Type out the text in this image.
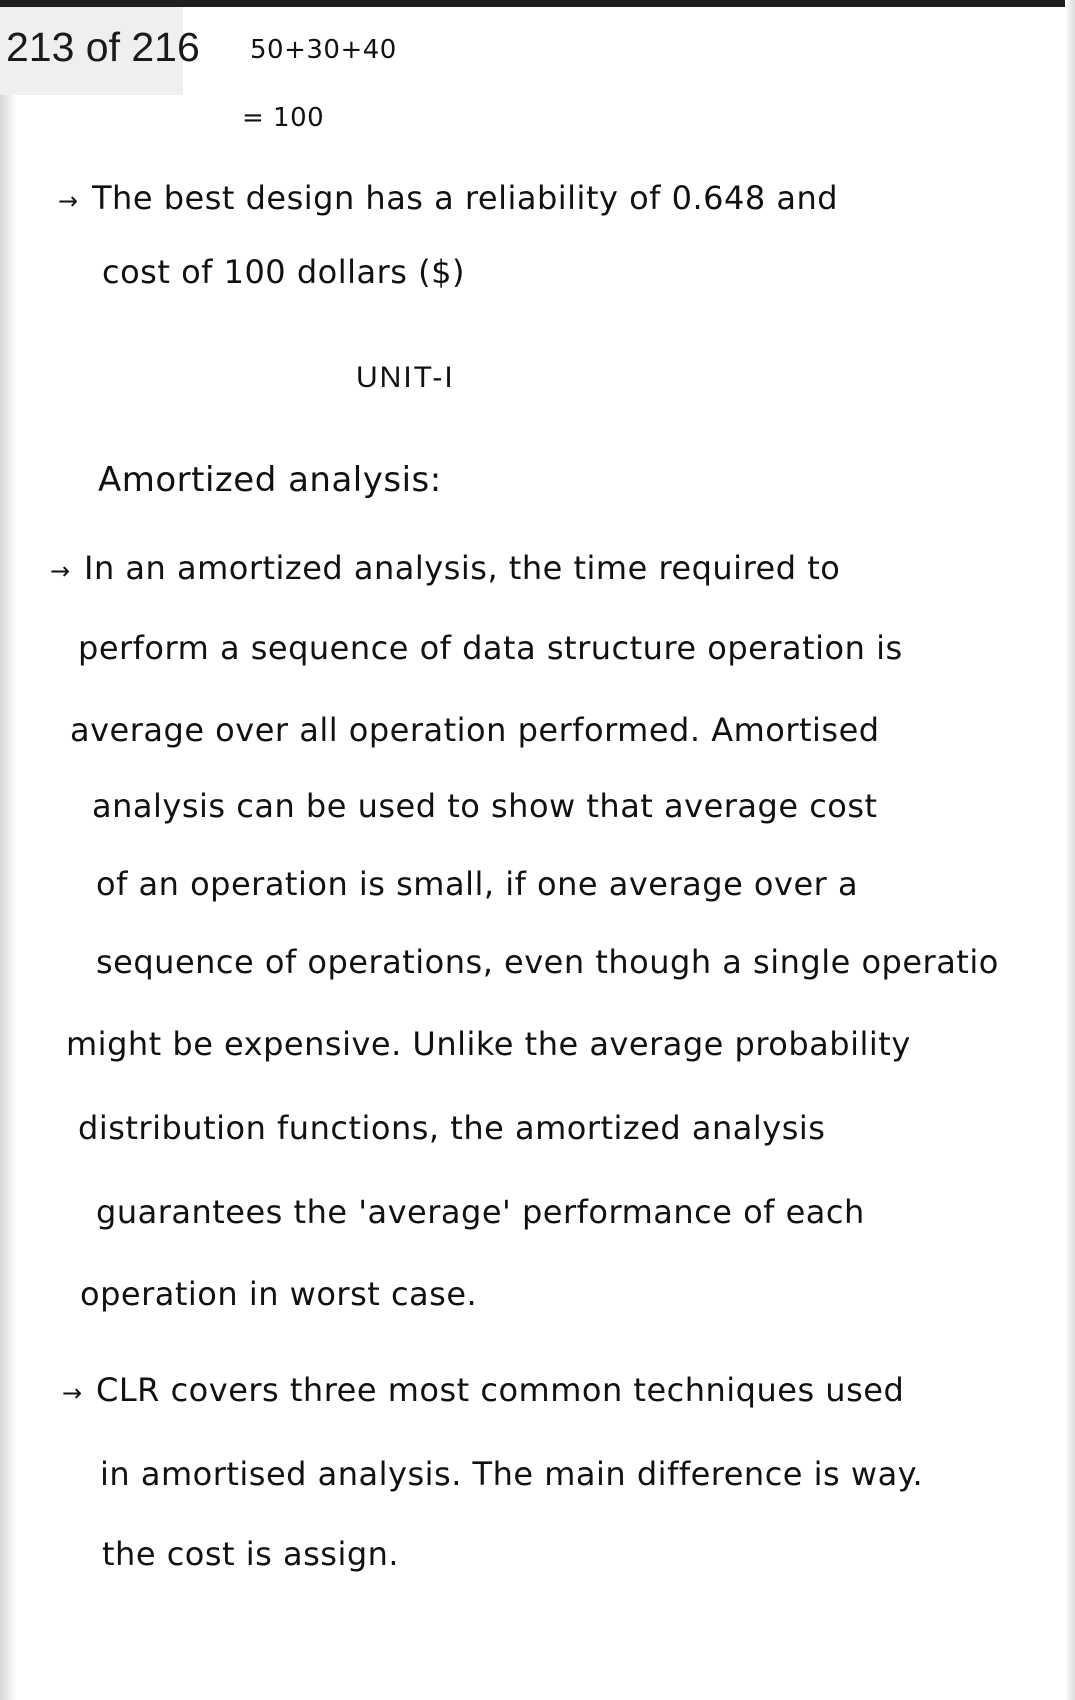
213 of 216 50+30+40
= 100
→ The best design has a reliability of 0.648 and
cost of 100 dollars ($)
UNIT-I
Amortized analysis:
→ In an amortized analysis, the time required to
perform a sequence of data structure operation is
average over all operation performed. Amortised
analysis can be used to show that average cost
of an operation is small, if one average over a
sequence of operations, even though a single operatio
might be expensive. Unlike the average probability
distribution functions, the amortized analysis
guarantees the 'average' performance of each
operation in worst case.
→ CLR covers three most common techniques used
in amortised analysis. The main difference is way.
the cost is assign.
